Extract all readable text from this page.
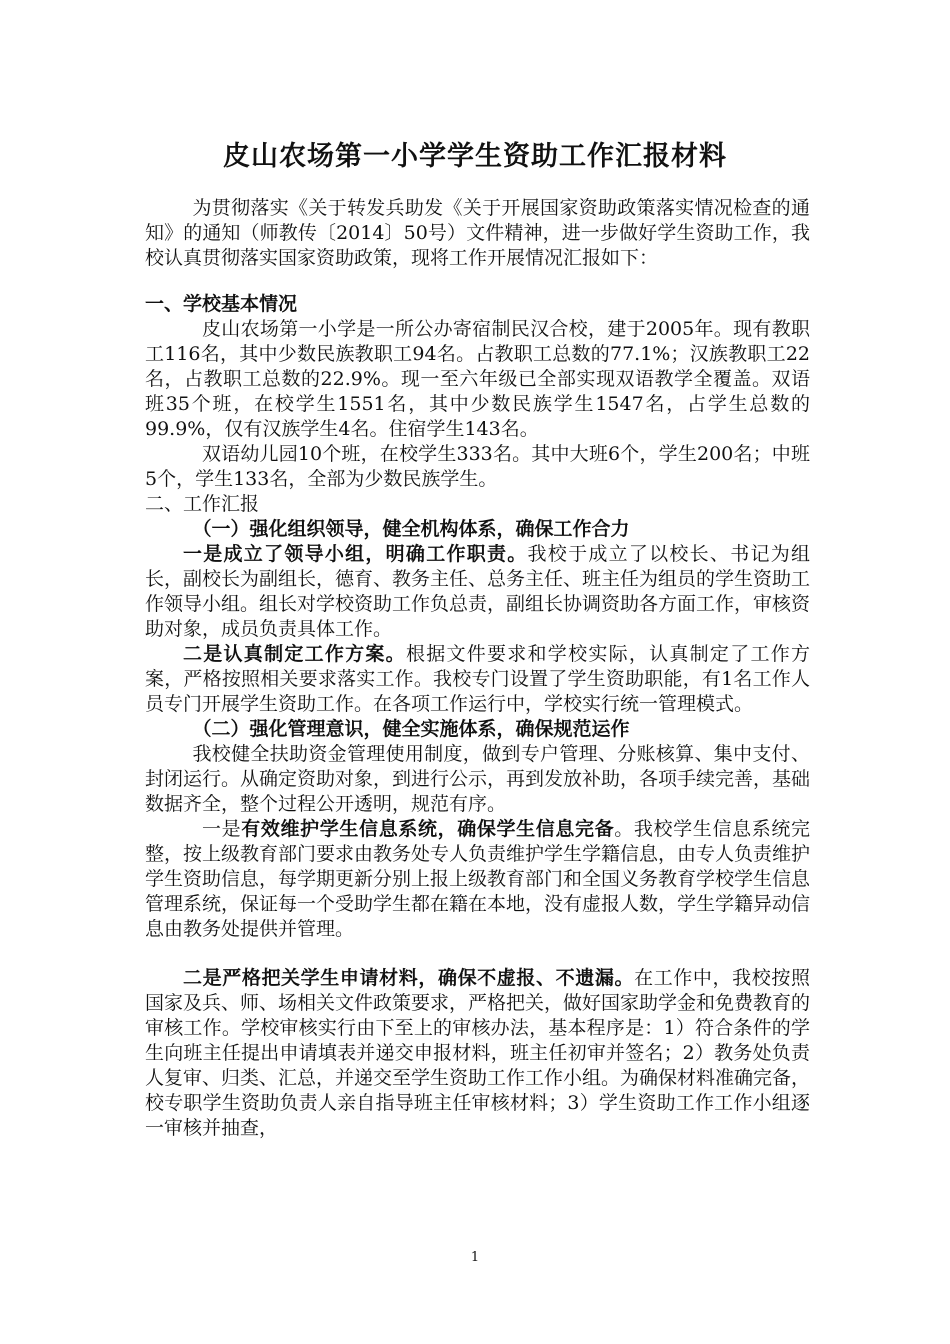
皮山农场第一小学学生资助工作汇报材料

为贯彻落实《关于转发兵助发《关于开展国家资助政策落实情况检查的通知》的通知（师教传〔2014〕50号）文件精神，进一步做好学生资助工作，我校认真贯彻落实国家资助政策，现将工作开展情况汇报如下：

一、学校基本情况

皮山农场第一小学是一所公办寄宿制民汉合校，建于2005年。现有教职工116名，其中少数民族教职工94名。占教职工总数的77.1%；汉族教职工22名，占教职工总数的22.9%。现一至六年级已全部实现双语教学全覆盖。双语班35个班，在校学生1551名，其中少数民族学生1547名，占学生总数的99.9%，仅有汉族学生4名。住宿学生143名。

双语幼儿园10个班，在校学生333名。其中大班6个，学生200名；中班5个，学生133名，全部为少数民族学生。

二、工作汇报

（一）强化组织领导，健全机构体系，确保工作合力

一是成立了领导小组，明确工作职责。我校于成立了以校长、书记为组长，副校长为副组长，德育、教务主任、总务主任、班主任为组员的学生资助工作领导小组。组长对学校资助工作负总责，副组长协调资助各方面工作，审核资助对象，成员负责具体工作。

二是认真制定工作方案。根据文件要求和学校实际，认真制定了工作方案，严格按照相关要求落实工作。我校专门设置了学生资助职能，有1名工作人员专门开展学生资助工作。在各项工作运行中，学校实行统一管理模式。

（二）强化管理意识，健全实施体系，确保规范运作

我校健全扶助资金管理使用制度，做到专户管理、分账核算、集中支付、封闭运行。从确定资助对象，到进行公示，再到发放补助，各项手续完善，基础数据齐全，整个过程公开透明，规范有序。

一是有效维护学生信息系统，确保学生信息完备。我校学生信息系统完整，按上级教育部门要求由教务处专人负责维护学生学籍信息，由专人负责维护学生资助信息，每学期更新分别上报上级教育部门和全国义务教育学校学生信息管理系统，保证每一个受助学生都在籍在本地，没有虚报人数，学生学籍异动信息由教务处提供并管理。

二是严格把关学生申请材料，确保不虚报、不遗漏。在工作中，我校按照国家及兵、师、场相关文件政策要求，严格把关，做好国家助学金和免费教育的审核工作。学校审核实行由下至上的审核办法，基本程序是：1）符合条件的学生向班主任提出申请填表并递交申报材料，班主任初审并签名；2）教务处负责人复审、归类、汇总，并递交至学生资助工作工作小组。为确保材料准确完备，校专职学生资助负责人亲自指导班主任审核材料；3）学生资助工作工作小组逐一审核并抽查，

1
